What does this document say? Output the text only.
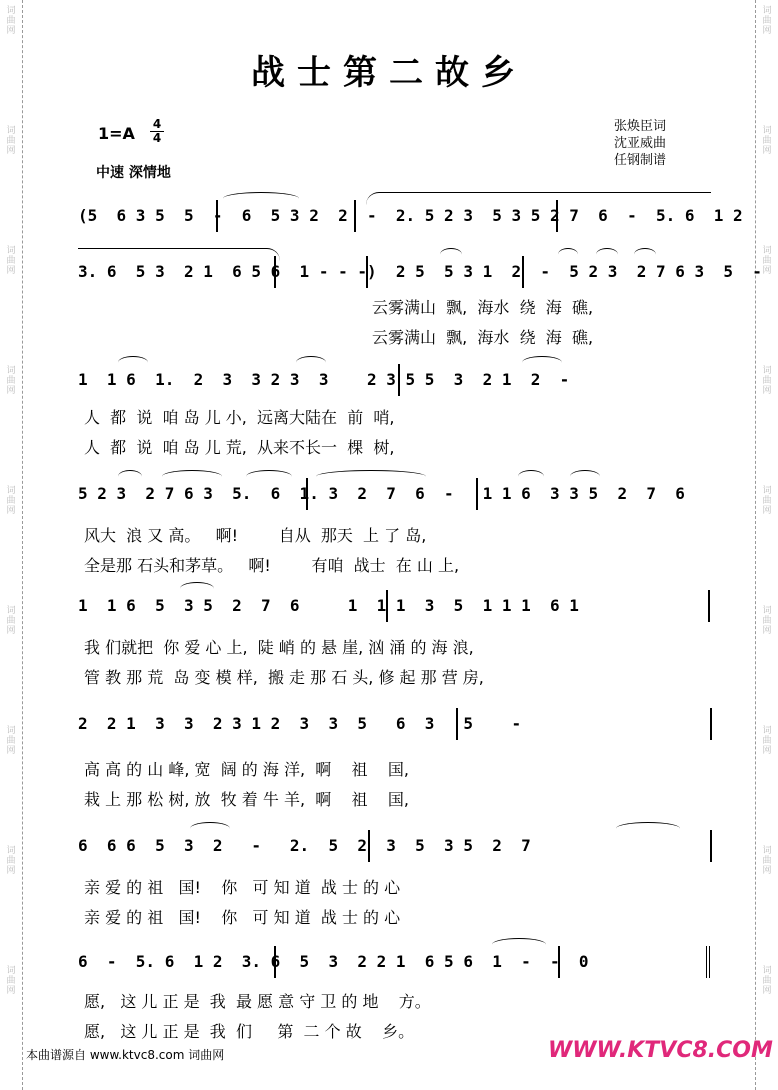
词曲网
词曲网
词曲网
词曲网
词曲网
词曲网
词曲网
词曲网
词曲网
词曲网
词曲网
词曲网
词曲网
词曲网
词曲网
词曲网
词曲网
词曲网
战士第二故乡
1=A 4
4
中速 深情地
张焕臣词
沈亚威曲
任钢制谱
(5  6 3 5  5  -  6  5 3 2  2  -  2. 5 2 3  5 3 5 2 7  6  -  5. 6  1 2
3. 6  5 3  2 1  6 5 6  1 - - -)  2 5  5 3 1  2  -  5 2 3  2 7 6 3  5  -
云雾满山  飘,  海水  绕  海  礁,
云雾满山  飘,  海水  绕  海  礁,
1  1 6  1.  2  3  3 2 3  3    2 3 5 5  3  2 1  2  -
人  都  说  咱 岛 儿 小,  远离大陆在  前  哨,
人  都  说  咱 岛 儿 荒,  从来不长一  棵  树,
5 2 3  2 7 6 3  5.  6  1. 3  2  7  6  -   1 1 6  3 3 5  2  7  6
风大  浪 又 高。   啊!        自从  那天  上 了 岛,
全是那 石头和茅草。   啊!        有咱  战士  在 山 上,
1  1 6  5  3 5  2  7  6     1  1 1  3  5  1 1 1  6 1
我 们就把  你 爱 心 上,  陡 峭 的 悬 崖, 汹 涌 的 海 浪,
管 教 那 荒  岛 变 模 样,  搬 走 那 石 头, 修 起 那 营 房,
2  2 1  3  3  2 3 1 2  3  3  5   6  3   5    -
高 高 的 山 峰, 宽  阔 的 海 洋,  啊    祖    国,
栽 上 那 松 树, 放  牧 着 牛 羊,  啊    祖    国,
6  6 6  5  3  2   -   2.  5  2  3  5  3 5  2  7
亲 爱 的 祖   国!    你   可 知 道  战 士 的 心
亲 爱 的 祖   国!    你   可 知 道  战 士 的 心
6  -  5. 6  1 2  3. 6  5  3  2 2 1  6 5 6  1  -  -  0
愿,   这 儿 正 是  我  最 愿 意 守 卫 的 地    方。
愿,   这 儿 正 是  我  们     第  二 个 故    乡。
本曲谱源自 www.ktvc8.com 词曲网	WWW.KTVC8.COM
